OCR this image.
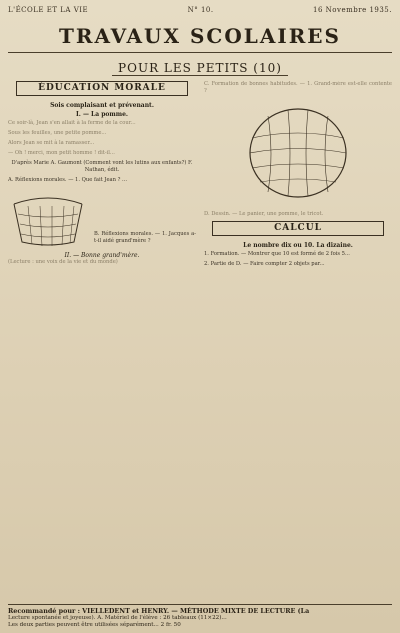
L'ÉCOLE ET LA VIE	N° 10.	16 Novembre 1935.
TRAVAUX SCOLAIRES
POUR LES PETITS (10)
ÉDUCATION MORALE
Sois complaisant et prévenant.
I. — La pomme.

Ce soir-là, Jean s'en allait à la ferme de la cour...

Sous les feuilles, une petite pomme...

Alors Jean se mit à la ramasser...

— Oh ! merci, mon petit homme ! dit-il...

D'après Marie A. Gaumont (Comment vont les lutins aux enfants?) F. Nathan, édit.

A. Réflexions morales. — 1. Que fait Jean ? ...

B. Réflexions morales. — 1. Jacques a-t-il aidé grand'mère ?

II. — Bonne grand'mère.

(Lecture : une voix de la vie et du monde)

C. Formation de bonnes habitudes. — 1. Grand-mère est-elle contente ?

D. Dessin. — Le panier, une pomme, le tricot.

CALCUL
Le nombre dix ou 10. La dizaine.

1. Formation. — Montrer que 10 est formé de 2 fois 5...

2. Partie de D. — Faire compter 2 objets par...

Recommandé pour : VIELLEDENT et HENRY. — MÉTHODE MIXTE DE LECTURE (La
Lecture spontanée et joyeuse). A. Matériel de l'élève : 26 tableaux (11×22)...
Les deux parties peuvent être utilisées séparément... 2 fr. 50
